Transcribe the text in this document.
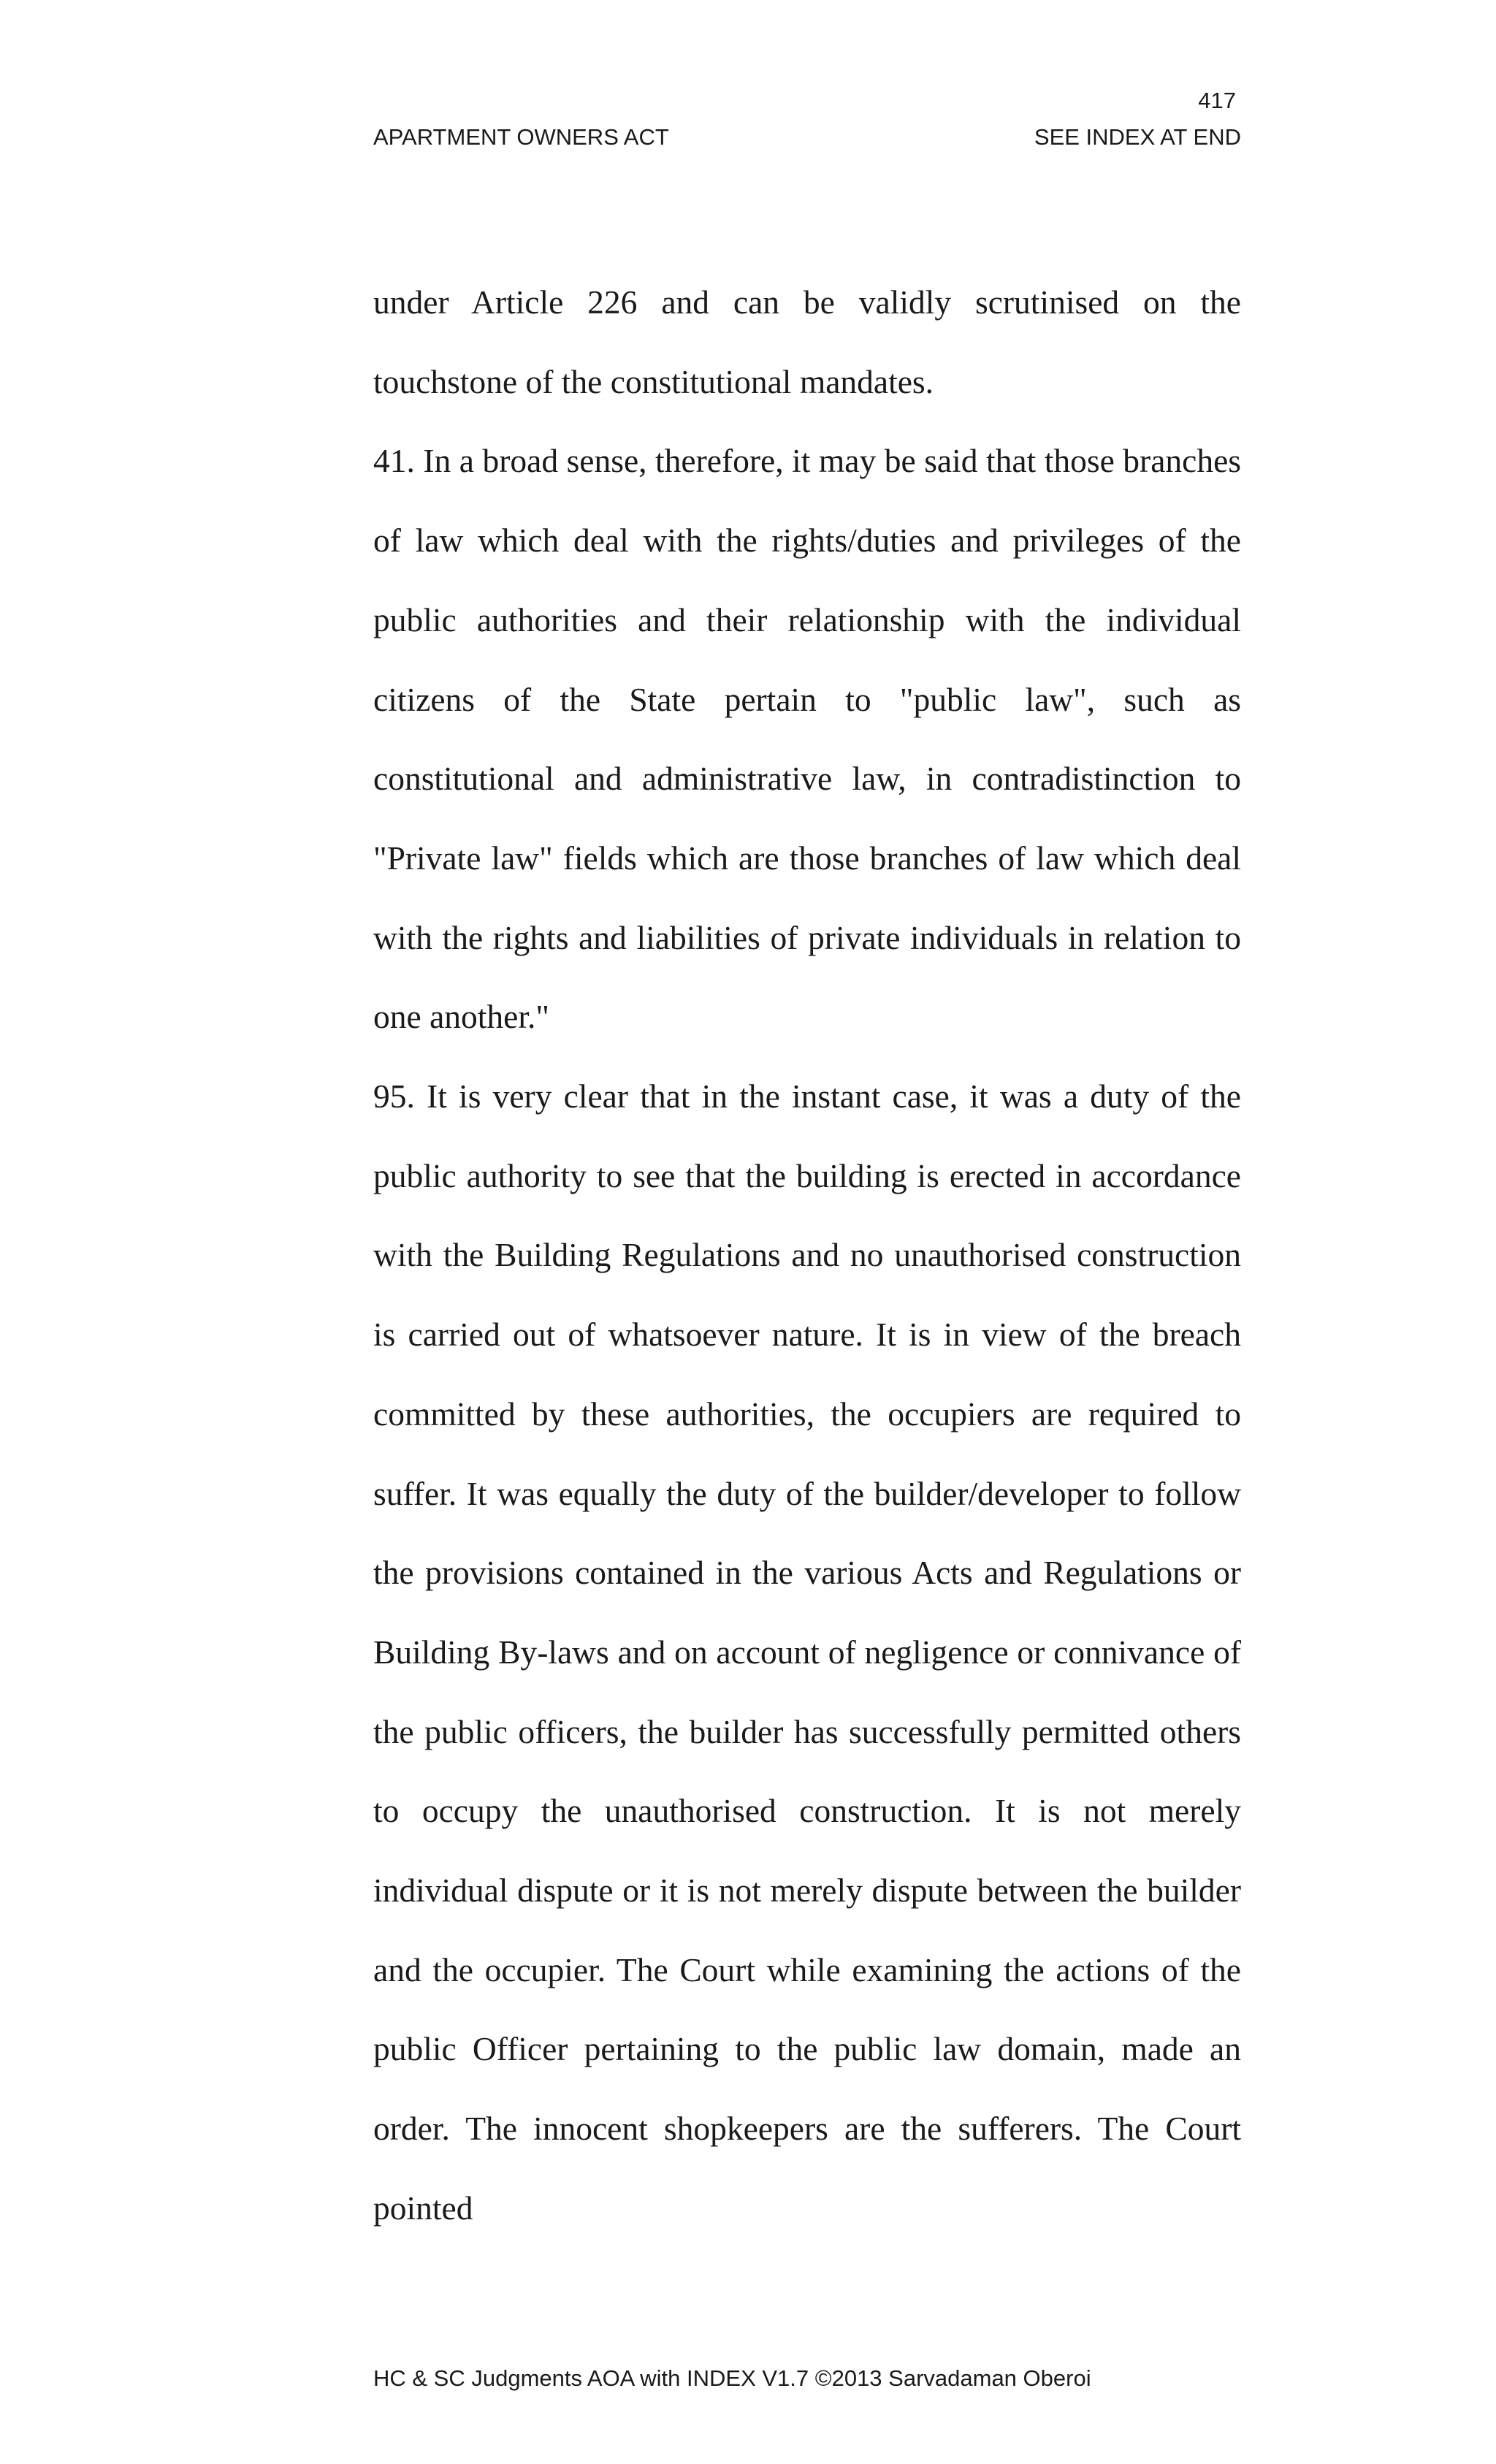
417
APARTMENT OWNERS ACT	SEE INDEX AT END

under Article 226 and can be validly scrutinised on the touchstone of the constitutional mandates.

41. In a broad sense, therefore, it may be said that those branches of law which deal with the rights/duties and privileges of the public authorities and their relationship with the individual citizens of the State pertain to "public law", such as constitutional and administrative law, in contradistinction to "Private law" fields which are those branches of law which deal with the rights and liabilities of private individuals in relation to one another."

95. It is very clear that in the instant case, it was a duty of the public authority to see that the building is erected in accordance with the Building Regulations and no unauthorised construction is carried out of whatsoever nature. It is in view of the breach committed by these authorities, the occupiers are required to suffer. It was equally the duty of the builder/developer to follow the provisions contained in the various Acts and Regulations or Building By-laws and on account of negligence or connivance of the public officers, the builder has successfully permitted others to occupy the unauthorised construction. It is not merely individual dispute or it is not merely dispute between the builder and the occupier. The Court while examining the actions of the public Officer pertaining to the public law domain, made an order. The innocent shopkeepers are the sufferers. The Court pointed

HC & SC Judgments AOA with INDEX V1.7 ©2013 Sarvadaman Oberoi
